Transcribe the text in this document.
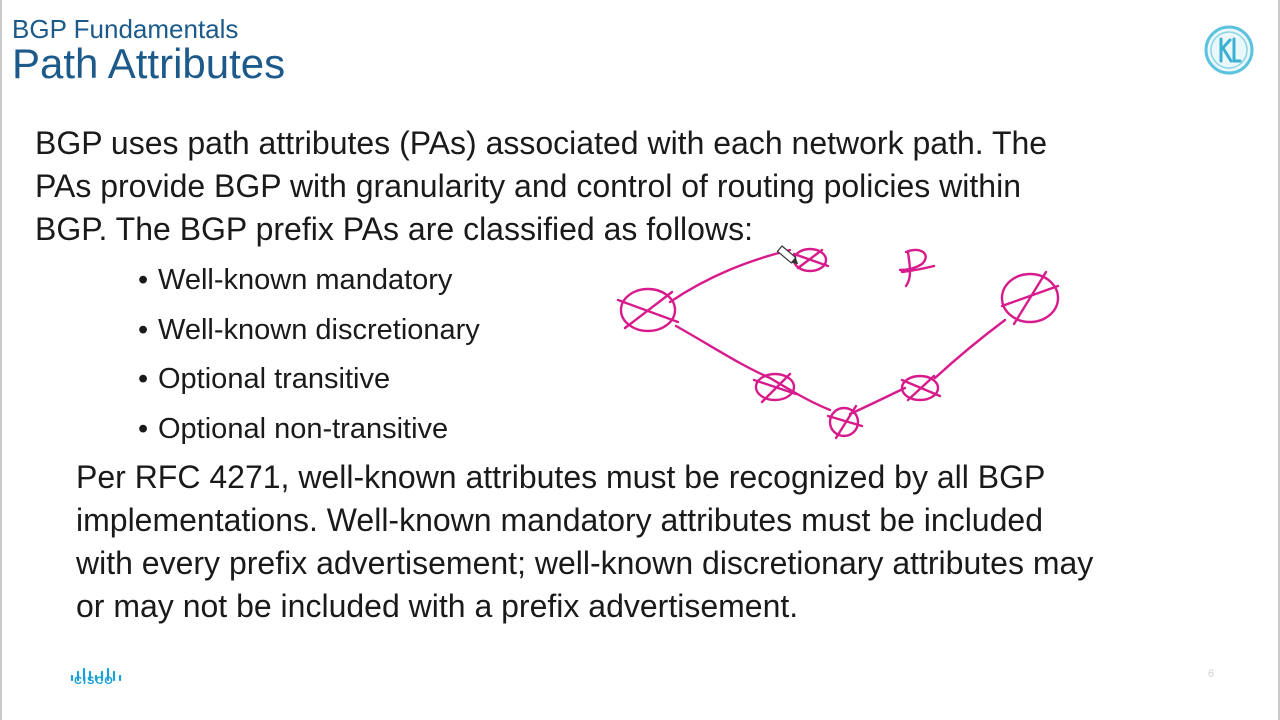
BGP Fundamentals
Path Attributes
BGP uses path attributes (PAs) associated with each network path. The
PAs provide BGP with granularity and control of routing policies within
BGP. The BGP prefix PAs are classified as follows:
• Well-known mandatory
• Well-known discretionary
• Optional transitive
• Optional non-transitive
Per RFC 4271, well-known attributes must be recognized by all BGP
implementations. Well-known mandatory attributes must be included
with every prefix advertisement; well-known discretionary attributes may
or may not be included with a prefix advertisement.
CISCO
6
